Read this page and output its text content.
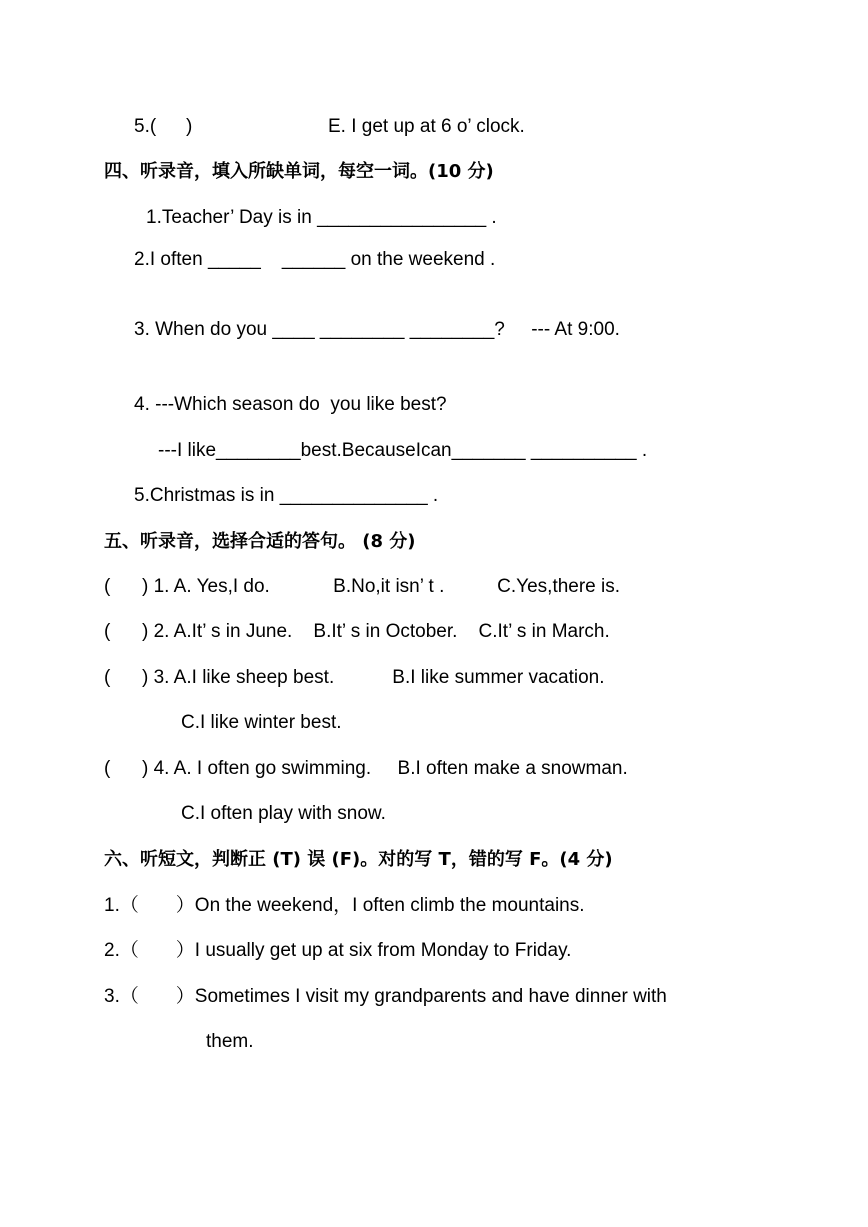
5.( )	E. I get up at 6 o’ clock.
四、听录音，填入所缺单词，每空一词。(10 分)
1.Teacher’ Day is in ________________ .
2.I often _____    ______ on the weekend .
3. When do you ____ ________ ________?     --- At 9:00.
4. ---Which season do  you like best?
---I like________best.BecauseIcan_______ __________ .
5.Christmas is in ______________ .
五、听录音，选择合适的答句。 (8 分)
(      ) 1. A. Yes,I do.            B.No,it isn’ t .          C.Yes,there is.
(      ) 2. A.It’ s in June.    B.It’ s in October.    C.It’ s in March.
(      ) 3. A.I like sheep best.           B.I like summer vacation.
C.I like winter best.
(      ) 4. A. I often go swimming.     B.I often make a snowman.
C.I often play with snow.
六、听短文，判断正 (T) 误 (F)。对的写 T，错的写 F。(4 分)
1.（       ）On the weekend，I often climb the mountains.
2.（       ）I usually get up at six from Monday to Friday.
3.（       ）Sometimes I visit my grandparents and have dinner with
them.
